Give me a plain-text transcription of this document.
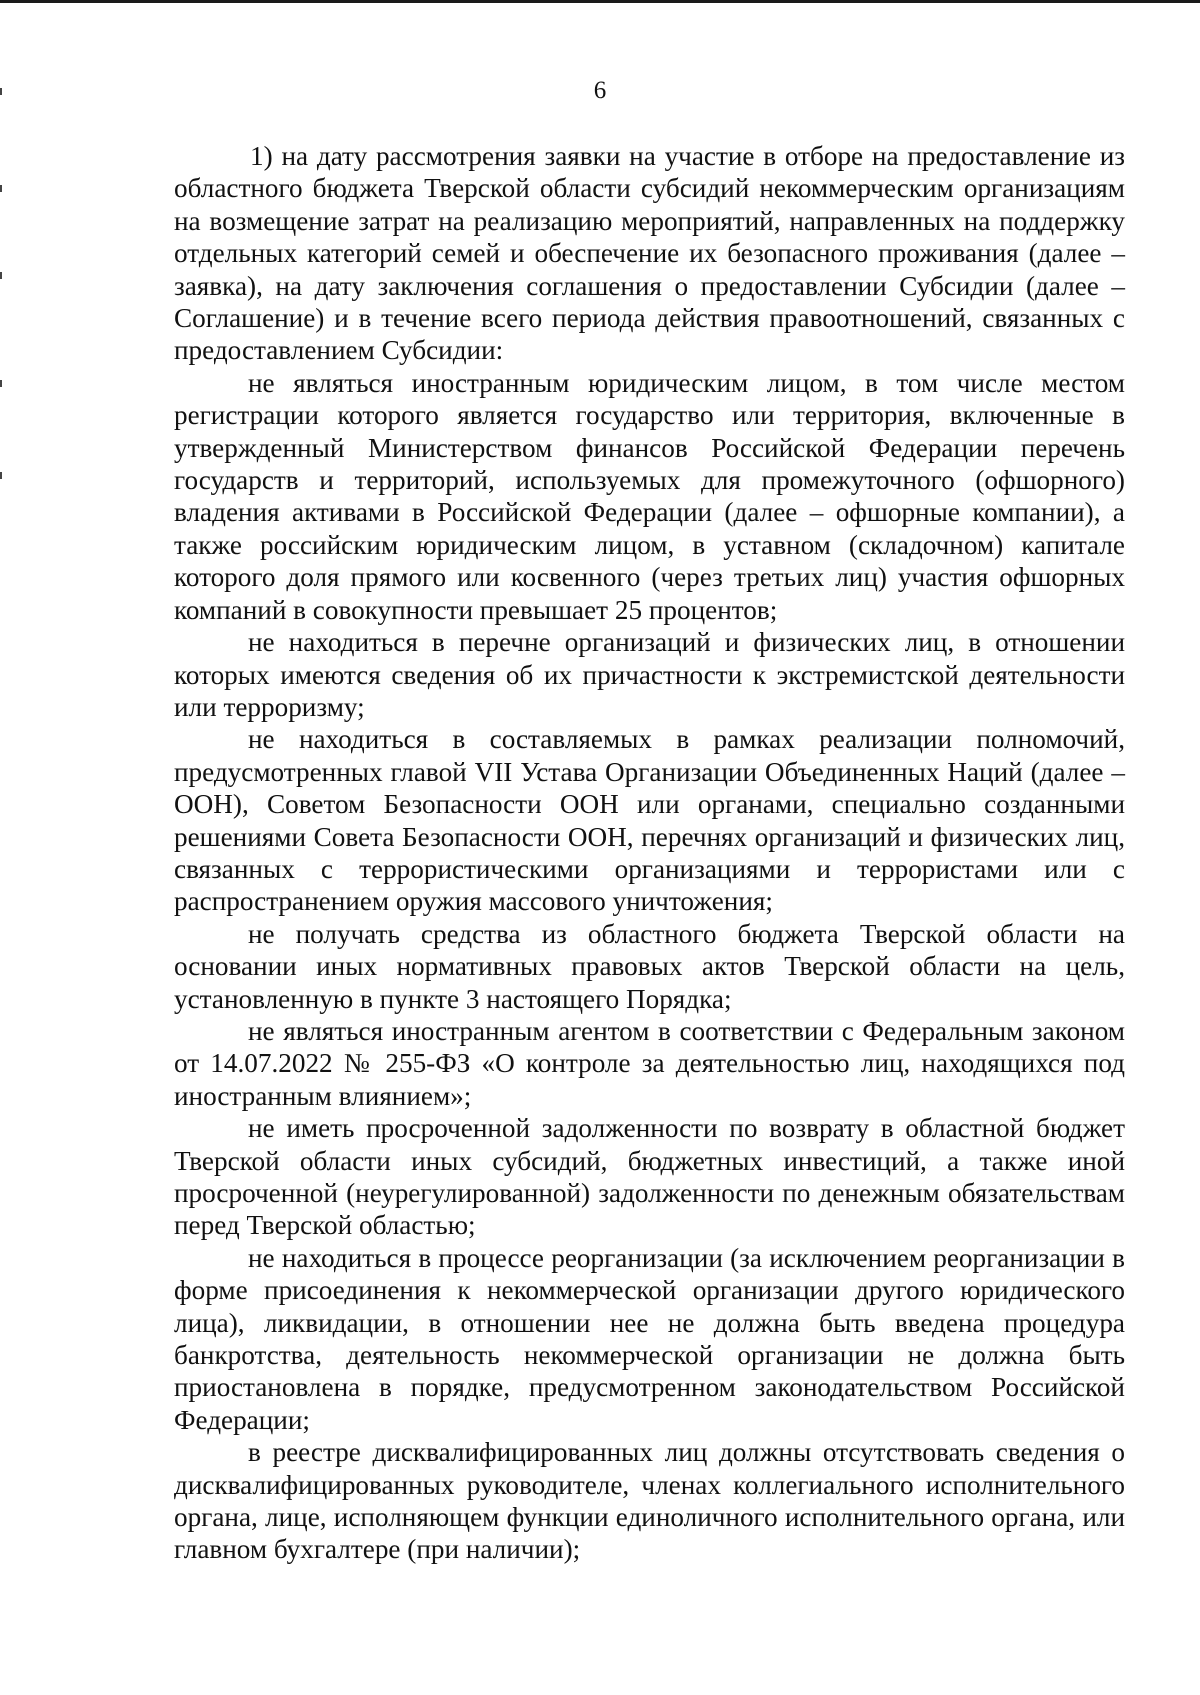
6

1) на дату рассмотрения заявки на участие в отборе на предоставление из областного бюджета Тверской области субсидий некоммерческим организациям на возмещение затрат на реализацию мероприятий, направленных на поддержку отдельных категорий семей и обеспечение их безопасного проживания (далее – заявка), на дату заключения соглашения о предоставлении Субсидии (далее – Соглашение) и в течение всего периода действия правоотношений, связанных с предоставлением Субсидии:

не являться иностранным юридическим лицом, в том числе местом регистрации которого является государство или территория, включенные в утвержденный Министерством финансов Российской Федерации перечень государств и территорий, используемых для промежуточного (офшорного) владения активами в Российской Федерации (далее – офшорные компании), а также российским юридическим лицом, в уставном (складочном) капитале которого доля прямого или косвенного (через третьих лиц) участия офшорных компаний в совокупности превышает 25 процентов;

не находиться в перечне организаций и физических лиц, в отношении которых имеются сведения об их причастности к экстремистской деятельности или терроризму;

не находиться в составляемых в рамках реализации полномочий, предусмотренных главой VII Устава Организации Объединенных Наций (далее – ООН), Советом Безопасности ООН или органами, специально созданными решениями Совета Безопасности ООН, перечнях организаций и физических лиц, связанных с террористическими организациями и террористами или с распространением оружия массового уничтожения;

не получать средства из областного бюджета Тверской области на основании иных нормативных правовых актов Тверской области на цель, установленную в пункте 3 настоящего Порядка;

не являться иностранным агентом в соответствии с Федеральным законом от 14.07.2022 № 255-ФЗ «О контроле за деятельностью лиц, находящихся под иностранным влиянием»;

не иметь просроченной задолженности по возврату в областной бюджет Тверской области иных субсидий, бюджетных инвестиций, а также иной просроченной (неурегулированной) задолженности по денежным обязательствам перед Тверской областью;

не находиться в процессе реорганизации (за исключением реорганизации в форме присоединения к некоммерческой организации другого юридического лица), ликвидации, в отношении нее не должна быть введена процедура банкротства, деятельность некоммерческой организации не должна быть приостановлена в порядке, предусмотренном законодательством Российской Федерации;

в реестре дисквалифицированных лиц должны отсутствовать сведения о дисквалифицированных руководителе, членах коллегиального исполнительного органа, лице, исполняющем функции единоличного исполнительного органа, или главном бухгалтере (при наличии);
